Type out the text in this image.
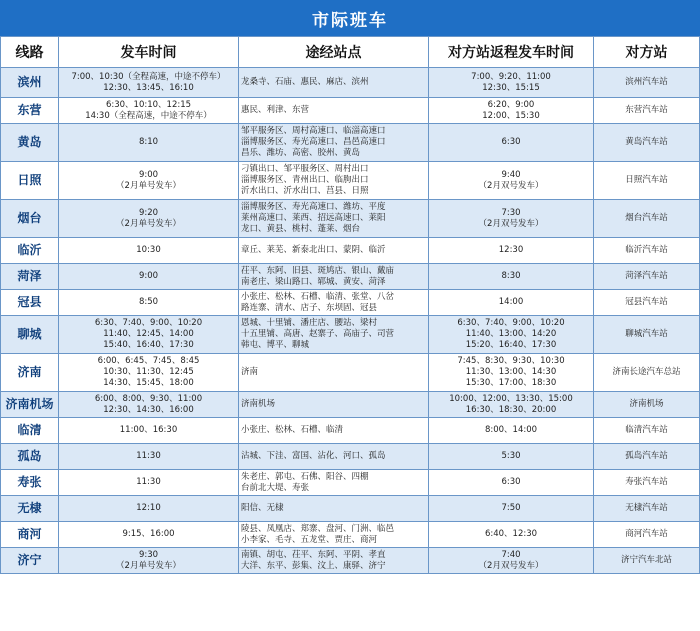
市际班车
线路	发车时间	途经站点	对方站返程发车时间	对方站
滨州	7:00、10:30（全程高速，中途不停车）
12:30、13:45、16:10	龙桑寺、石庙、惠民、麻店、滨州	7:00、9:20、11:00
12:30、15:15	滨州汽车站
东营	6:30、10:10、12:15
14:30（全程高速，中途不停车）	惠民、利津、东营	6:20、9:00
12:00、15:30	东营汽车站
黄岛	8:10	邹平服务区、周村高速口、临淄高速口
淄博服务区、寿光高速口、昌邑高速口
昌乐、潍坊、高密、胶州、黄岛	6:30	黄岛汽车站
日照	9:00
（2月单号发车）	刁镇出口、邹平服务区、周村出口
淄博服务区、青州出口、临朐出口
沂水出口、沂水出口、莒县、日照	9:40
（2月双号发车）	日照汽车站
烟台	9:20
（2月单号发车）	淄博服务区、寿光高速口、潍坊、平度
莱州高速口、莱西、招远高速口、莱阳
龙口、黄县、桃村、蓬莱、烟台	7:30
（2月双号发车）	烟台汽车站
临沂	10:30	章丘、莱芜、新泰北出口、蒙阴、临沂	12:30	临沂汽车站
菏泽	9:00	茌平、东阿、旧县、斑鸠店、银山、戴庙
南老庄、梁山路口、郓城、黄安、菏泽	8:30	菏泽汽车站
冠县	8:50	小张庄、松林、石槽、临清、张堂、八岔
路连寨、清水、店子、东坝固、冠县	14:00	冠县汽车站
聊城	6:30、7:40、9:00、10:20
11:40、12:45、14:00
15:40、16:40、17:30	恩城、十里铺、潘庄店、腰站、梁村
十五里铺、高唐、赵寨子、高庙子、司营
韩屯、博平、聊城	6:30、7:40、9:00、10:20
11:40、13:00、14:20
15:20、16:40、17:30	聊城汽车站
济南	6:00、6:45、7:45、8:45
10:30、11:30、12:45
14:30、15:45、18:00	济南	7:45、8:30、9:30、10:30
11:30、13:00、14:30
15:30、17:00、18:30	济南长途汽车总站
济南机场	6:00、8:00、9:30、11:00
12:30、14:30、16:00	济南机场	10:00、12:00、13:30、15:00
16:30、18:30、20:00	济南机场
临清	11:00、16:30	小张庄、松林、石槽、临清	8:00、14:00	临清汽车站
孤岛	11:30	沾城、下洼、富国、沾化、河口、孤岛	5:30	孤岛汽车站
寿张	11:30	朱老庄、郭屯、石佛、阳谷、四棚
台前北大堤、寿张	6:30	寿张汽车站
无棣	12:10	阳信、无棣	7:50	无棣汽车站
商河	9:15、16:00	陵县、凤凰店、郑寨、盘河、门洲、临邑
小李家、毛寺、五龙堂、贾庄、商河	6:40、12:30	商河汽车站
济宁	9:30
（2月单号发车）	南镇、胡屯、茌平、东阿、平阴、孝直
大洋、东平、彭集、汶上、康驿、济宁	7:40
（2月双号发车）	济宁汽车北站
